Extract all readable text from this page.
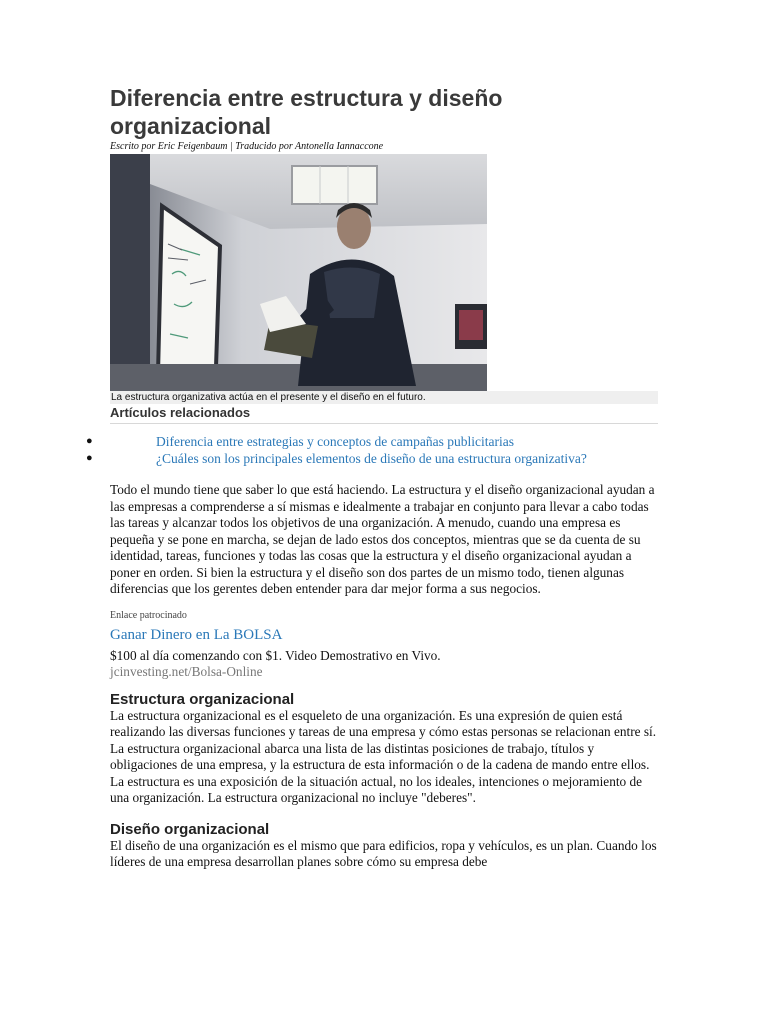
Diferencia entre estructura y diseño organizacional
Escrito por Eric Feigenbaum | Traducido por Antonella Iannaccone
La estructura organizativa actúa en el presente y el diseño en el futuro.
Artículos relacionados
●	Diferencia entre estrategias y conceptos de campañas publicitarias
●	¿Cuáles son los principales elementos de diseño de una estructura organizativa?

Todo el mundo tiene que saber lo que está haciendo. La estructura y el diseño organizacional ayudan a las empresas a comprenderse a sí mismas e idealmente a trabajar en conjunto para llevar a cabo todas las tareas y alcanzar todos los objetivos de una organización. A menudo, cuando una empresa es pequeña y se pone en marcha, se dejan de lado estos dos conceptos, mientras que se da cuenta de su identidad, tareas, funciones y todas las cosas que la estructura y el diseño organizacional ayudan a poner en orden. Si bien la estructura y el diseño son dos partes de un mismo todo, tienen algunas diferencias que los gerentes deben entender para dar mejor forma a sus negocios.

Enlace patrocinado
Ganar Dinero en La BOLSA
$100 al día comenzando con $1. Video Demostrativo en Vivo.
jcinvesting.net/Bolsa-Online
Estructura organizacional

La estructura organizacional es el esqueleto de una organización. Es una expresión de quien está realizando las diversas funciones y tareas de una empresa y cómo estas personas se relacionan entre sí. La estructura organizacional abarca una lista de las distintas posiciones de trabajo, títulos y obligaciones de una empresa, y la estructura de esta información o de la cadena de mando entre ellos. La estructura es una exposición de la situación actual, no los ideales, intenciones o mejoramiento de una organización. La estructura organizacional no incluye "deberes".

Diseño organizacional

El diseño de una organización es el mismo que para edificios, ropa y vehículos, es un plan. Cuando los líderes de una empresa desarrollan planes sobre cómo su empresa debe
